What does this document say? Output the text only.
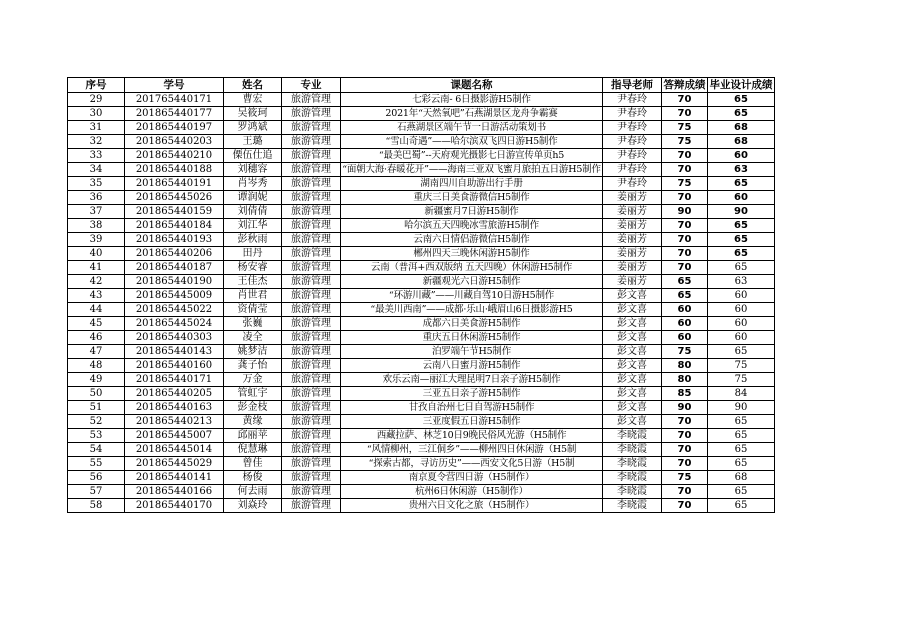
序号	学号	姓名	专业	课题名称	指导老师	答辩成绩	毕业设计成绩
29	201765440171	曹宏	旅游管理	七彩云南- 6日摄影游H5制作	尹春玲	70	65
30	201865440177	吴筱珂	旅游管理	2021年“天然氧吧”石燕湖景区龙舟争霸赛	尹春玲	70	65
31	201865440197	罗鸿斌	旅游管理	石燕湖景区端午节一日游活动策划书	尹春玲	75	68
32	201865440203	王璐	旅游管理	“雪山奇遇”——哈尔滨双飞四日游H5制作	尹春玲	75	68
33	201865440210	傈伍仕追	旅游管理	“最美巴蜀”--天府观光摄影七日游宣传单页h5	尹春玲	70	60
34	201865440188	刘穗容	旅游管理	“面朝大海·春暖花开”——海南三亚双飞蜜月旅拍五日游H5制作	尹春玲	70	63
35	201865440191	肖岑秀	旅游管理	湖南四川自助游出行手册	尹春玲	75	65
36	201865445026	谭润妮	旅游管理	重庆三日美食游微信H5制作	姜丽芳	70	60
37	201865440159	刘倩倩	旅游管理	新疆蜜月7日游H5制作	姜丽芳	90	90
38	201865440184	刘江华	旅游管理	哈尔滨五天四晚冰雪旅游H5制作	姜丽芳	70	65
39	201865440193	彭秋雨	旅游管理	云南六日情侣游微信H5制作	姜丽芳	70	65
40	201865440206	田丹	旅游管理	郴州四天三晚休闲游H5制作	姜丽芳	70	65
41	201865440187	杨安睿	旅游管理	云南（普洱+西双版纳 五天四晚）休闲游H5制作	姜丽芳	70	65
42	201865440190	王佳杰	旅游管理	新疆观光六日游H5制作	姜丽芳	65	63
43	201865445009	肖世君	旅游管理	“环游川藏”——川藏自驾10日游H5制作	彭文喜	65	60
44	201865445022	资倩莹	旅游管理	“最美川西南”——成都·乐山·峨眉山6日摄影游H5	彭文喜	60	60
45	201865445024	张巍	旅游管理	成都六日美食游H5制作	彭文喜	60	60
46	201865440303	凌全	旅游管理	重庆五日休闲游H5制作	彭文喜	60	60
47	201865440143	姚梦洁	旅游管理	泊罗端午节H5制作	彭文喜	75	65
48	201865440160	龚子怡	旅游管理	云南八日蜜月游H5制作	彭文喜	80	75
49	201865440171	万金	旅游管理	欢乐云南—丽江大理昆明7日亲子游H5制作	彭文喜	80	75
50	201865440205	管虹宇	旅游管理	三亚五日亲子游H5制作	彭文喜	85	84
51	201865440163	彭金枝	旅游管理	甘孜自治州七日自驾游H5制作	彭文喜	90	90
52	201865440213	黄缘	旅游管理	三亚度假五日游H5制作	彭文喜	70	65
53	201865445007	邱丽苹	旅游管理	西藏拉萨、林芝10日9晚民俗风光游（H5制作	李晓霞	70	65
54	201865445014	倪慧琳	旅游管理	“风情柳州，三江侗乡”——柳州四日休闲游（H5制	李晓霞	70	65
55	201865445029	曾佳	旅游管理	“探索古都，寻访历史”——西安文化5日游（H5制	李晓霞	70	65
56	201865440141	杨俊	旅游管理	南京夏令营四日游（H5制作）	李晓霞	75	68
57	201865440166	何去雨	旅游管理	杭州6日休闲游（H5制作）	李晓霞	70	65
58	201865440170	刘焱玲	旅游管理	贵州六日文化之旅（H5制作）	李晓霞	70	65
